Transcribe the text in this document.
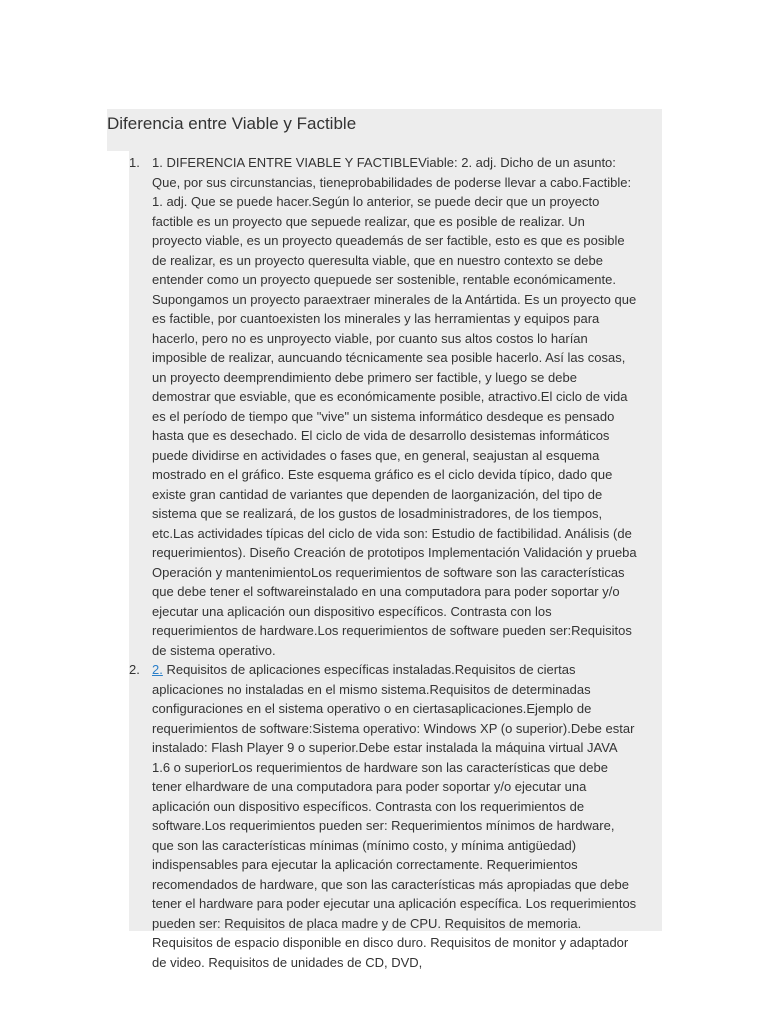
Diferencia entre Viable y Factible
1. 1. DIFERENCIA ENTRE VIABLE Y FACTIBLEViable: 2. adj. Dicho de un asunto: Que, por sus circunstancias, tieneprobabilidades de poderse llevar a cabo.Factible: 1. adj. Que se puede hacer.Según lo anterior, se puede decir que un proyecto factible es un proyecto que sepuede realizar, que es posible de realizar. Un proyecto viable, es un proyecto queademás de ser factible, esto es que es posible de realizar, es un proyecto queresulta viable, que en nuestro contexto se debe entender como un proyecto quepuede ser sostenible, rentable económicamente. Supongamos un proyecto paraextraer minerales de la Antártida. Es un proyecto que es factible, por cuantoexisten los minerales y las herramientas y equipos para hacerlo, pero no es unproyecto viable, por cuanto sus altos costos lo harían imposible de realizar, auncuando técnicamente sea posible hacerlo. Así las cosas, un proyecto deemprendimiento debe primero ser factible, y luego se debe demostrar que esviable, que es económicamente posible, atractivo.El ciclo de vida es el período de tiempo que "vive" un sistema informático desdeque es pensado hasta que es desechado. El ciclo de vida de desarrollo desistemas informáticos puede dividirse en actividades o fases que, en general, seajustan al esquema mostrado en el gráfico. Este esquema gráfico es el ciclo devida típico, dado que existe gran cantidad de variantes que dependen de laorganización, del tipo de sistema que se realizará, de los gustos de losadministradores, de los tiempos, etc.Las actividades típicas del ciclo de vida son: Estudio de factibilidad. Análisis (de requerimientos). Diseño Creación de prototipos Implementación Validación y prueba Operación y mantenimientoLos requerimientos de software son las características que debe tener el softwareinstalado en una computadora para poder soportar y/o ejecutar una aplicación oun dispositivo específicos. Contrasta con los requerimientos de hardware.Los requerimientos de software pueden ser:Requisitos de sistema operativo.
2. 2. Requisitos de aplicaciones específicas instaladas.Requisitos de ciertas aplicaciones no instaladas en el mismo sistema.Requisitos de determinadas configuraciones en el sistema operativo o en ciertasaplicaciones.Ejemplo de requerimientos de software:Sistema operativo: Windows XP (o superior).Debe estar instalado: Flash Player 9 o superior.Debe estar instalada la máquina virtual JAVA 1.6 o superiorLos requerimientos de hardware son las características que debe tener elhardware de una computadora para poder soportar y/o ejecutar una aplicación oun dispositivo específicos. Contrasta con los requerimientos de software.Los requerimientos pueden ser: Requerimientos mínimos de hardware, que son las características mínimas (mínimo costo, y mínima antigüedad) indispensables para ejecutar la aplicación correctamente. Requerimientos recomendados de hardware, que son las características más apropiadas que debe tener el hardware para poder ejecutar una aplicación específica. Los requerimientos pueden ser: Requisitos de placa madre y de CPU. Requisitos de memoria. Requisitos de espacio disponible en disco duro. Requisitos de monitor y adaptador de video. Requisitos de unidades de CD, DVD,
